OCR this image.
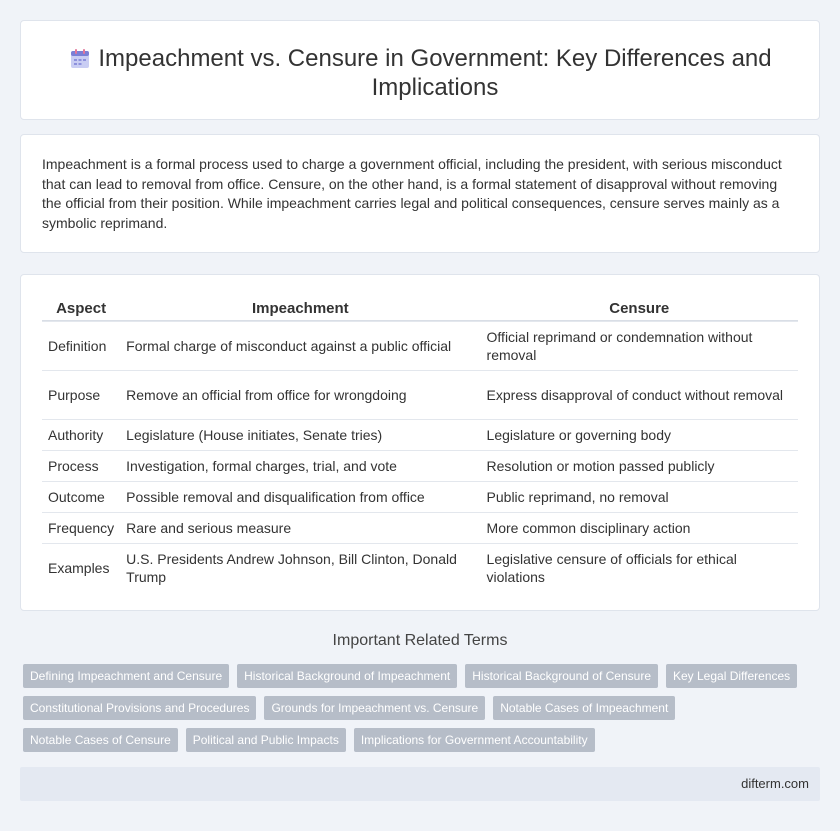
Impeachment vs. Censure in Government: Key Differences and Implications

Impeachment is a formal process used to charge a government official, including the president, with serious misconduct that can lead to removal from office. Censure, on the other hand, is a formal statement of disapproval without removing the official from their position. While impeachment carries legal and political consequences, censure serves mainly as a symbolic reprimand.

Aspect	Impeachment	Censure
Definition	Formal charge of misconduct against a public official	Official reprimand or condemnation without removal
Purpose	Remove an official from office for wrongdoing	Express disapproval of conduct without removal
Authority	Legislature (House initiates, Senate tries)	Legislature or governing body
Process	Investigation, formal charges, trial, and vote	Resolution or motion passed publicly
Outcome	Possible removal and disqualification from office	Public reprimand, no removal
Frequency	Rare and serious measure	More common disciplinary action
Examples	U.S. Presidents Andrew Johnson, Bill Clinton, Donald Trump	Legislative censure of officials for ethical violations
Important Related Terms
Defining Impeachment and Censure	Historical Background of Impeachment	Historical Background of Censure	Key Legal Differences
Constitutional Provisions and Procedures	Grounds for Impeachment vs. Censure	Notable Cases of Impeachment
Notable Cases of Censure	Political and Public Impacts	Implications for Government Accountability
difterm.com
